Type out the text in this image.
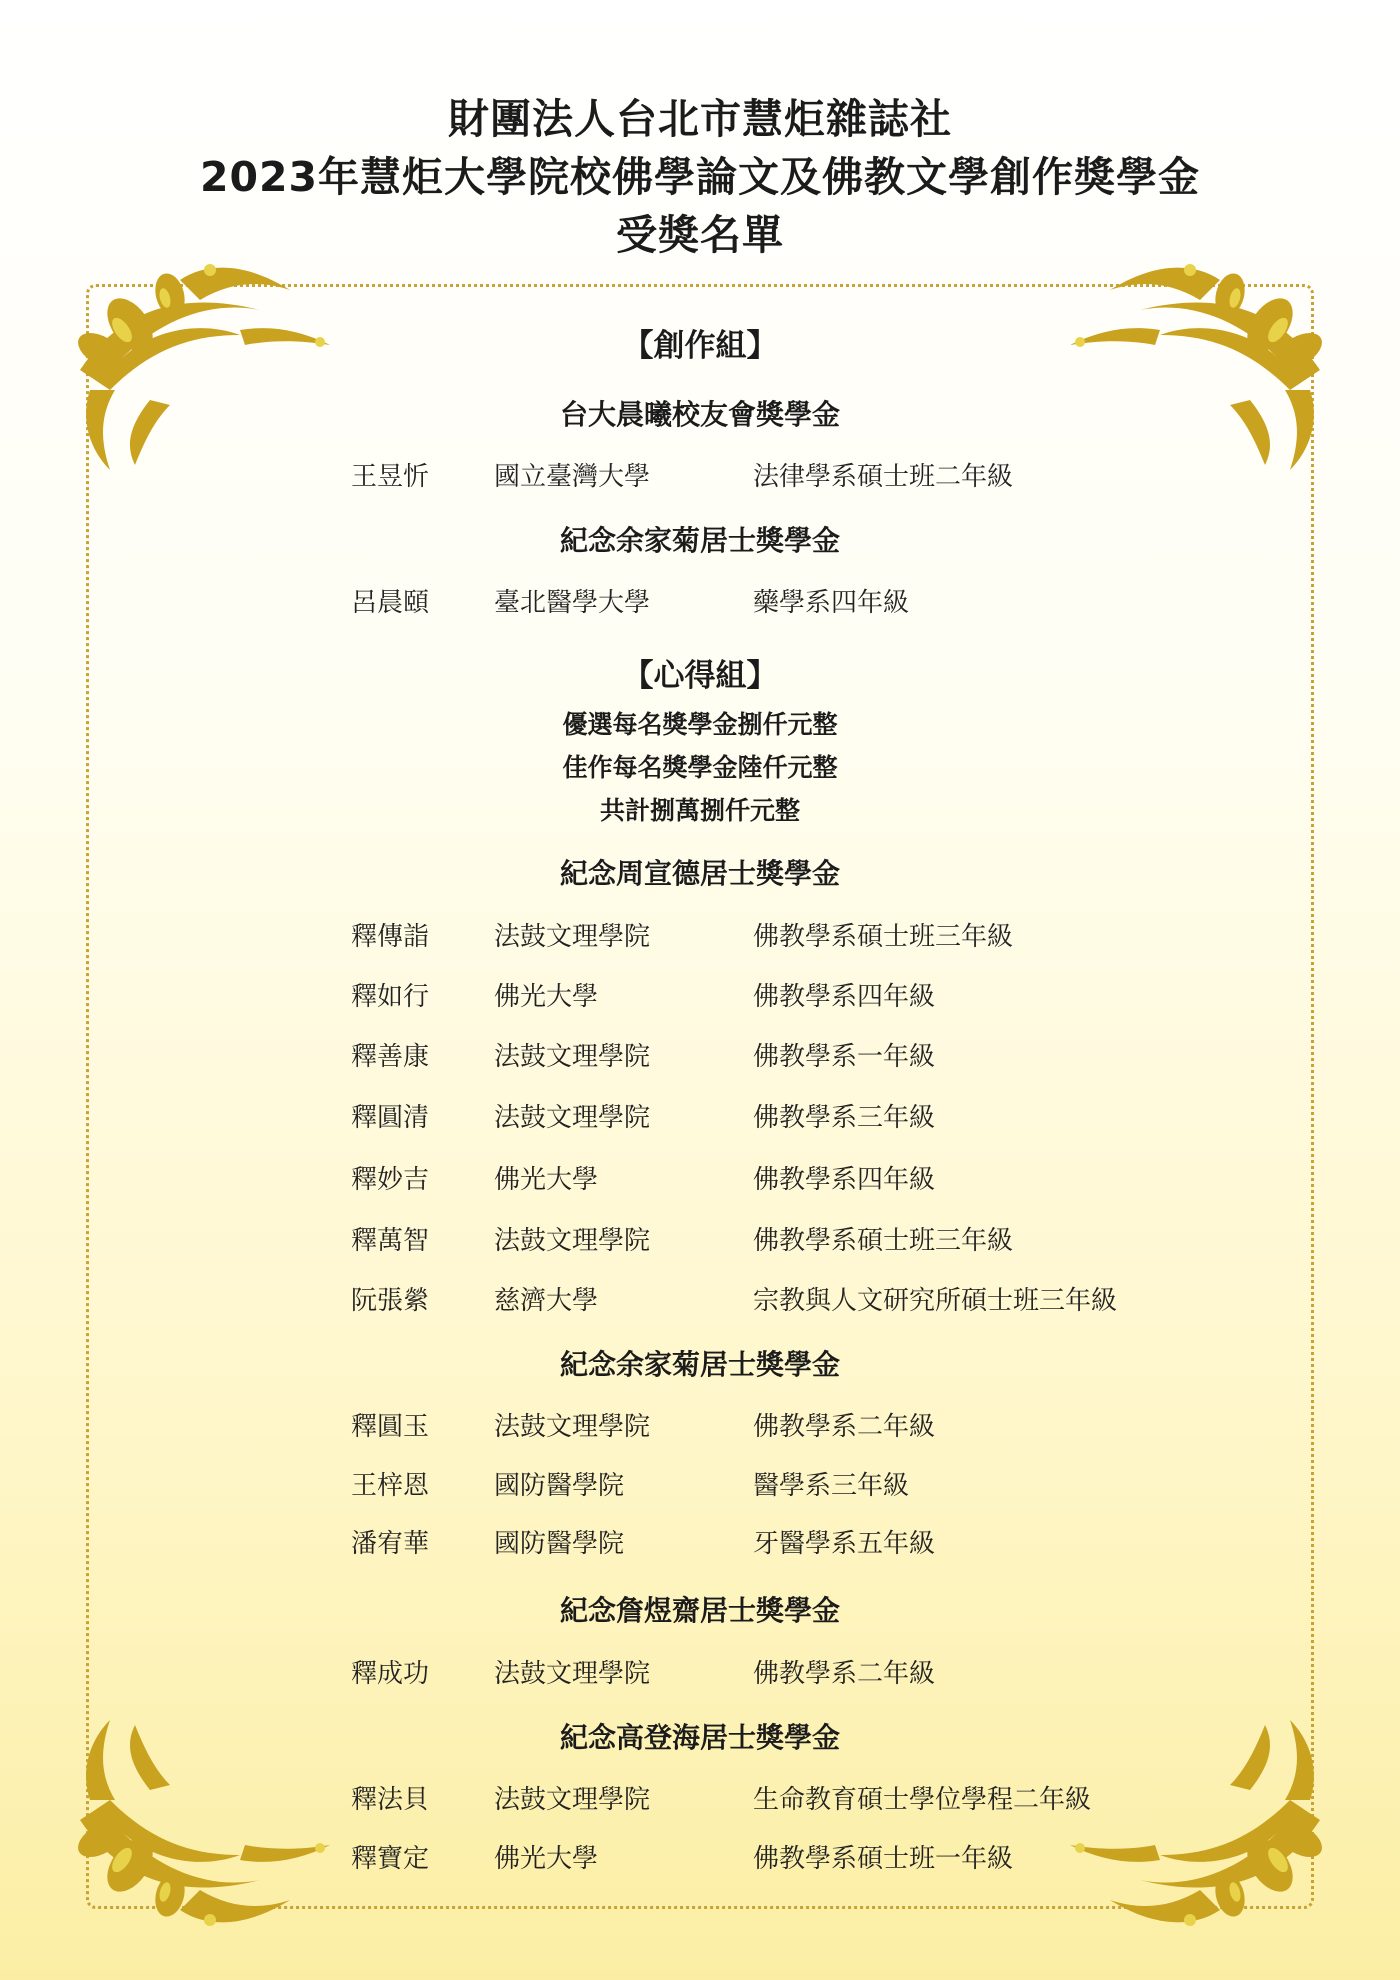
財團法人台北市慧炬雜誌社
2023年慧炬大學院校佛學論文及佛教文學創作獎學金
受獎名單
【創作組】
台大晨曦校友會獎學金
王昱忻 國立臺灣大學	法律學系碩士班二年級
紀念余家菊居士獎學金
呂晨頤 臺北醫學大學	藥學系四年級
【心得組】
優選每名獎學金捌仟元整
佳作每名獎學金陸仟元整
共計捌萬捌仟元整
紀念周宣德居士獎學金
釋傳詣 法鼓文理學院	佛教學系碩士班三年級
釋如行 佛光大學	佛教學系四年級
釋善康 法鼓文理學院	佛教學系一年級
釋圓清 法鼓文理學院	佛教學系三年級
釋妙吉 佛光大學	佛教學系四年級
釋萬智 法鼓文理學院	佛教學系碩士班三年級
阮張縈 慈濟大學	宗教與人文研究所碩士班三年級
紀念余家菊居士獎學金
釋圓玉 法鼓文理學院	佛教學系二年級
王梓恩 國防醫學院	醫學系三年級
潘宥華 國防醫學院	牙醫學系五年級
紀念詹煜齋居士獎學金
釋成功 法鼓文理學院	佛教學系二年級
紀念高登海居士獎學金
釋法貝 法鼓文理學院	生命教育碩士學位學程二年級
釋寶定 佛光大學	佛教學系碩士班一年級
